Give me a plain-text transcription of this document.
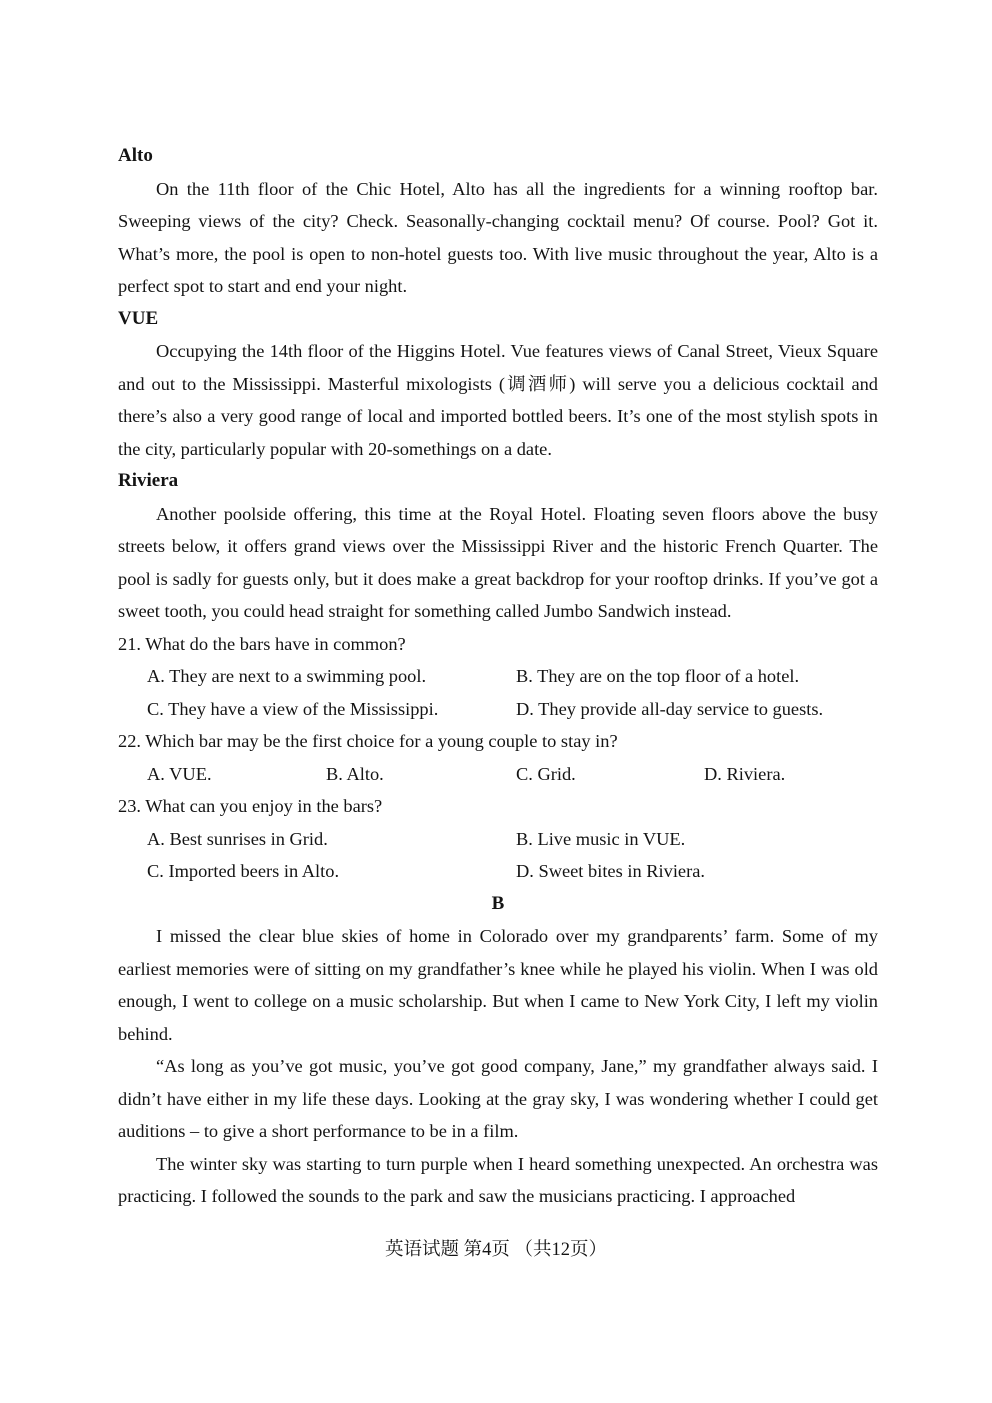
Alto

On the 11th floor of the Chic Hotel, Alto has all the ingredients for a winning rooftop bar. Sweeping views of the city? Check. Seasonally-changing cocktail menu? Of course. Pool? Got it. What’s more, the pool is open to non-hotel guests too. With live music throughout the year, Alto is a perfect spot to start and end your night.

VUE

Occupying the 14th floor of the Higgins Hotel. Vue features views of Canal Street, Vieux Square and out to the Mississippi. Masterful mixologists (调酒师) will serve you a delicious cocktail and there’s also a very good range of local and imported bottled beers. It’s one of the most stylish spots in the city, particularly popular with 20-somethings on a date.

Riviera

Another poolside offering, this time at the Royal Hotel. Floating seven floors above the busy streets below, it offers grand views over the Mississippi River and the historic French Quarter. The pool is sadly for guests only, but it does make a great backdrop for your rooftop drinks. If you’ve got a sweet tooth, you could head straight for something called Jumbo Sandwich instead.

21. What do the bars have in common?

A. They are next to a swimming pool.	B. They are on the top floor of a hotel.
C. They have a view of the Mississippi.	D. They provide all-day service to guests.

22. Which bar may be the first choice for a young couple to stay in?

A. VUE.	B. Alto.	C. Grid.	D. Riviera.

23. What can you enjoy in the bars?

A. Best sunrises in Grid.	B. Live music in VUE.
C. Imported beers in Alto.	D. Sweet bites in Riviera.
B

I missed the clear blue skies of home in Colorado over my grandparents’ farm. Some of my earliest memories were of sitting on my grandfather’s knee while he played his violin. When I was old enough, I went to college on a music scholarship. But when I came to New York City, I left my violin behind.

“As long as you’ve got music, you’ve got good company, Jane,” my grandfather always said. I didn’t have either in my life these days. Looking at the gray sky, I was wondering whether I could get auditions – to give a short performance to be in a film.

The winter sky was starting to turn purple when I heard something unexpected. An orchestra was practicing. I followed the sounds to the park and saw the musicians practicing. I approached

英语试题 第4页 （共12页）
